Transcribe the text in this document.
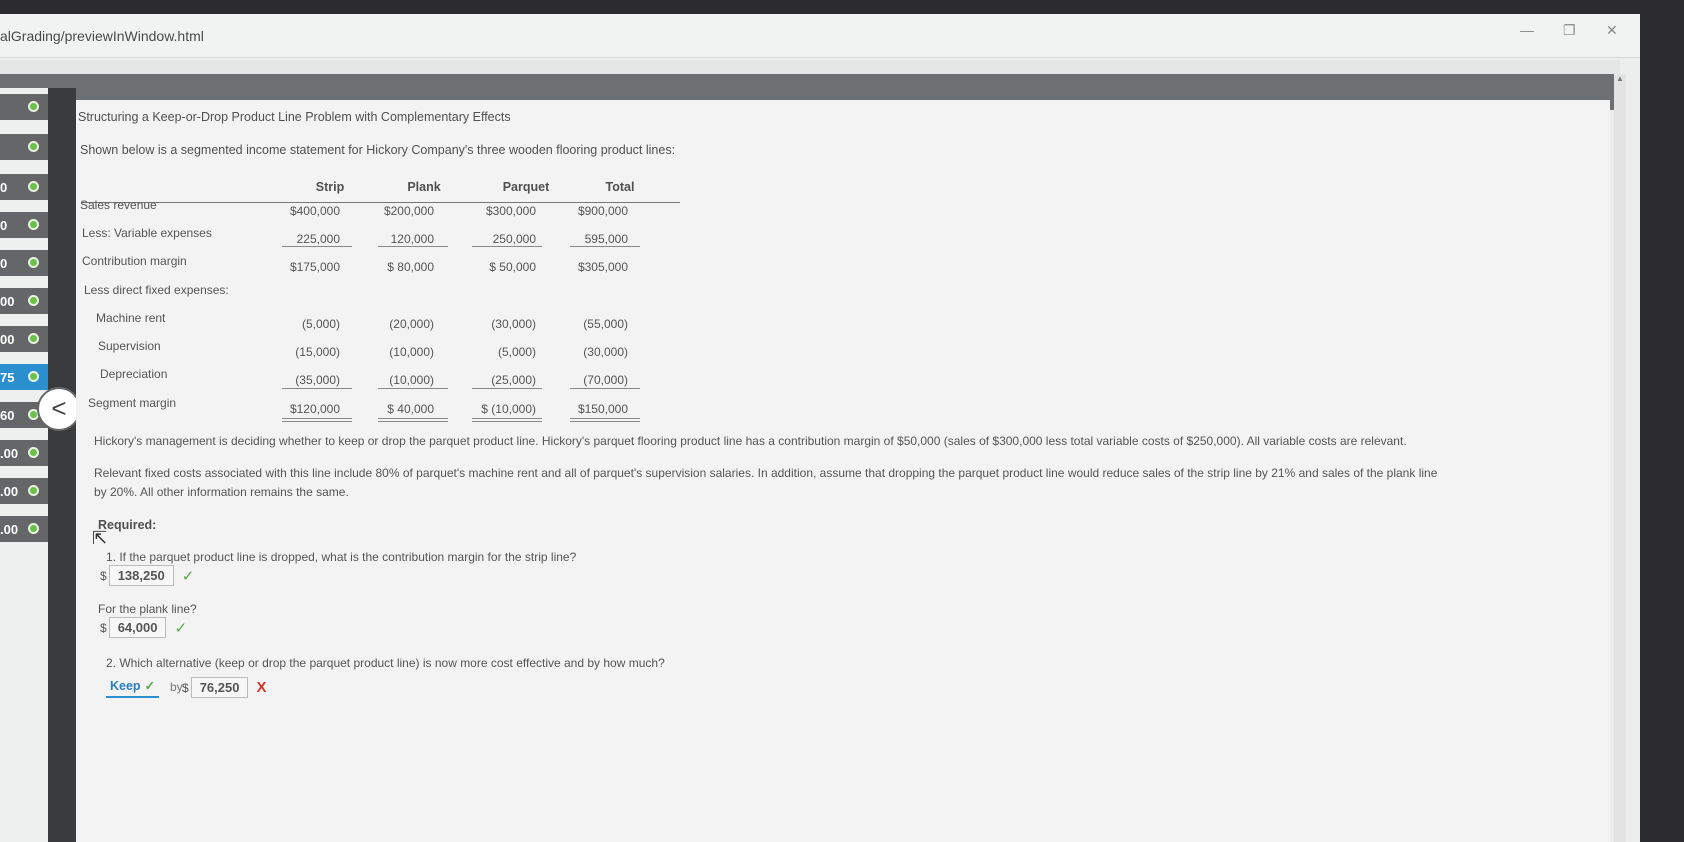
alGrading/previewInWindow.html	— ❐ ✕
0
0
0
00
00
75
60
.00
.00
.00
<
▲
Structuring a Keep-or-Drop Product Line Problem with Complementary Effects
Shown below is a segmented income statement for Hickory Company's three wooden flooring product lines:
Strip	Plank	Parquet	Total
Sales revenue	$400,000	$200,000	$300,000	$900,000
Less: Variable expenses	225,000	120,000	250,000	595,000
Contribution margin	$175,000	$ 80,000	$ 50,000	$305,000
Less direct fixed expenses:
Machine rent	(5,000)	(20,000)	(30,000)	(55,000)
Supervision	(15,000)	(10,000)	(5,000)	(30,000)
Depreciation	(35,000)	(10,000)	(25,000)	(70,000)
Segment margin	$120,000	$ 40,000	$ (10,000)	$150,000
Hickory's management is deciding whether to keep or drop the parquet product line. Hickory's parquet flooring product line has a contribution margin of $50,000 (sales of $300,000 less total variable costs of $250,000). All variable costs are relevant.
Relevant fixed costs associated with this line include 80% of parquet's machine rent and all of parquet's supervision salaries. In addition, assume that dropping the parquet product line would reduce sales of the strip line by 21% and sales of the plank line
by 20%. All other information remains the same.
Required:
⇱
1. If the parquet product line is dropped, what is the contribution margin for the strip line?
$ 138,250	✓
For the plank line?
$ 64,000	✓
2. Which alternative (keep or drop the parquet product line) is now more cost effective and by how much?
Keep ✓	by $ 76,250	X
